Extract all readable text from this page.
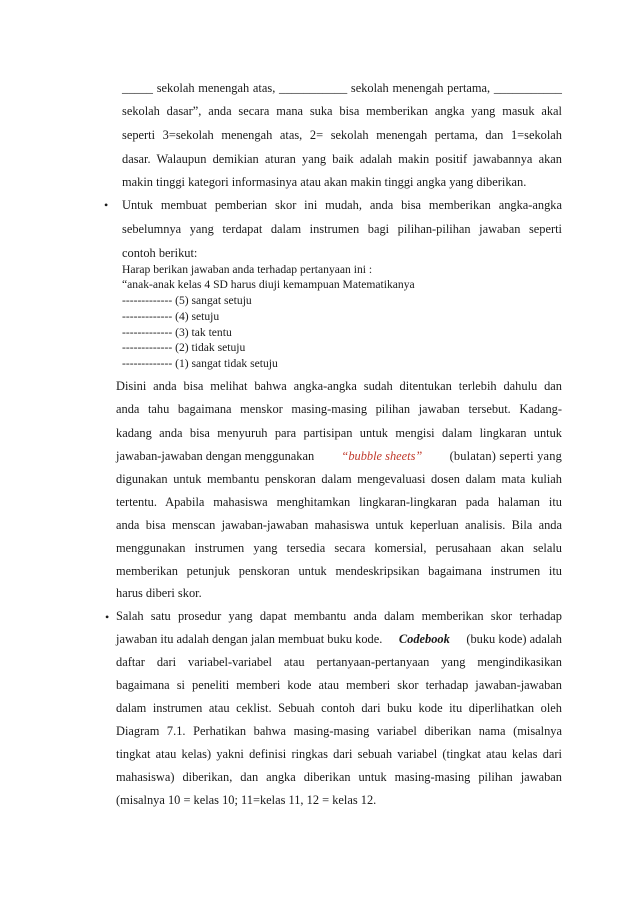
_____ sekolah menengah atas, ___________ sekolah menengah pertama, ___________
sekolah dasar”, anda secara mana suka bisa memberikan angka yang masuk akal
seperti 3=sekolah menengah atas, 2= sekolah menengah pertama, dan 1=sekolah
dasar. Walaupun demikian aturan yang baik adalah makin positif jawabannya akan
makin tinggi kategori informasinya atau akan makin tinggi angka yang diberikan.
• Untuk membuat pemberian skor ini mudah, anda bisa memberikan angka-angka
sebelumnya yang terdapat dalam instrumen bagi pilihan-pilihan jawaban seperti
contoh berikut:
Harap berikan jawaban anda terhadap pertanyaan ini :
“anak-anak kelas 4 SD harus diuji kemampuan Matematikanya
------------- (5) sangat setuju
------------- (4) setuju
------------- (3) tak tentu
------------- (2) tidak setuju
------------- (1) sangat tidak setuju
Disini anda bisa melihat bahwa angka-angka sudah ditentukan terlebih dahulu dan
anda tahu bagaimana menskor masing-masing pilihan jawaban tersebut. Kadang-
kadang anda bisa menyuruh para partisipan untuk mengisi dalam lingkaran untuk
jawaban-jawaban dengan menggunakan “bubble sheets” (bulatan) seperti yang
digunakan untuk membantu penskoran dalam mengevaluasi dosen dalam mata kuliah
tertentu. Apabila mahasiswa menghitamkan lingkaran-lingkaran pada halaman itu
anda bisa menscan jawaban-jawaban mahasiswa untuk keperluan analisis. Bila anda
menggunakan instrumen yang tersedia secara komersial, perusahaan akan selalu
memberikan petunjuk penskoran untuk mendeskripsikan bagaimana instrumen itu
harus diberi skor.
• Salah satu prosedur yang dapat membantu anda dalam memberikan skor terhadap
jawaban itu adalah dengan jalan membuat buku kode. Codebook (buku kode) adalah
daftar dari variabel-variabel atau pertanyaan-pertanyaan yang mengindikasikan
bagaimana si peneliti memberi kode atau memberi skor terhadap jawaban-jawaban
dalam instrumen atau ceklist. Sebuah contoh dari buku kode itu diperlihatkan oleh
Diagram 7.1. Perhatikan bahwa masing-masing variabel diberikan nama (misalnya
tingkat atau kelas) yakni definisi ringkas dari sebuah variabel (tingkat atau kelas dari
mahasiswa) diberikan, dan angka diberikan untuk masing-masing pilihan jawaban
(misalnya 10 = kelas 10; 11=kelas 11, 12 = kelas 12.
